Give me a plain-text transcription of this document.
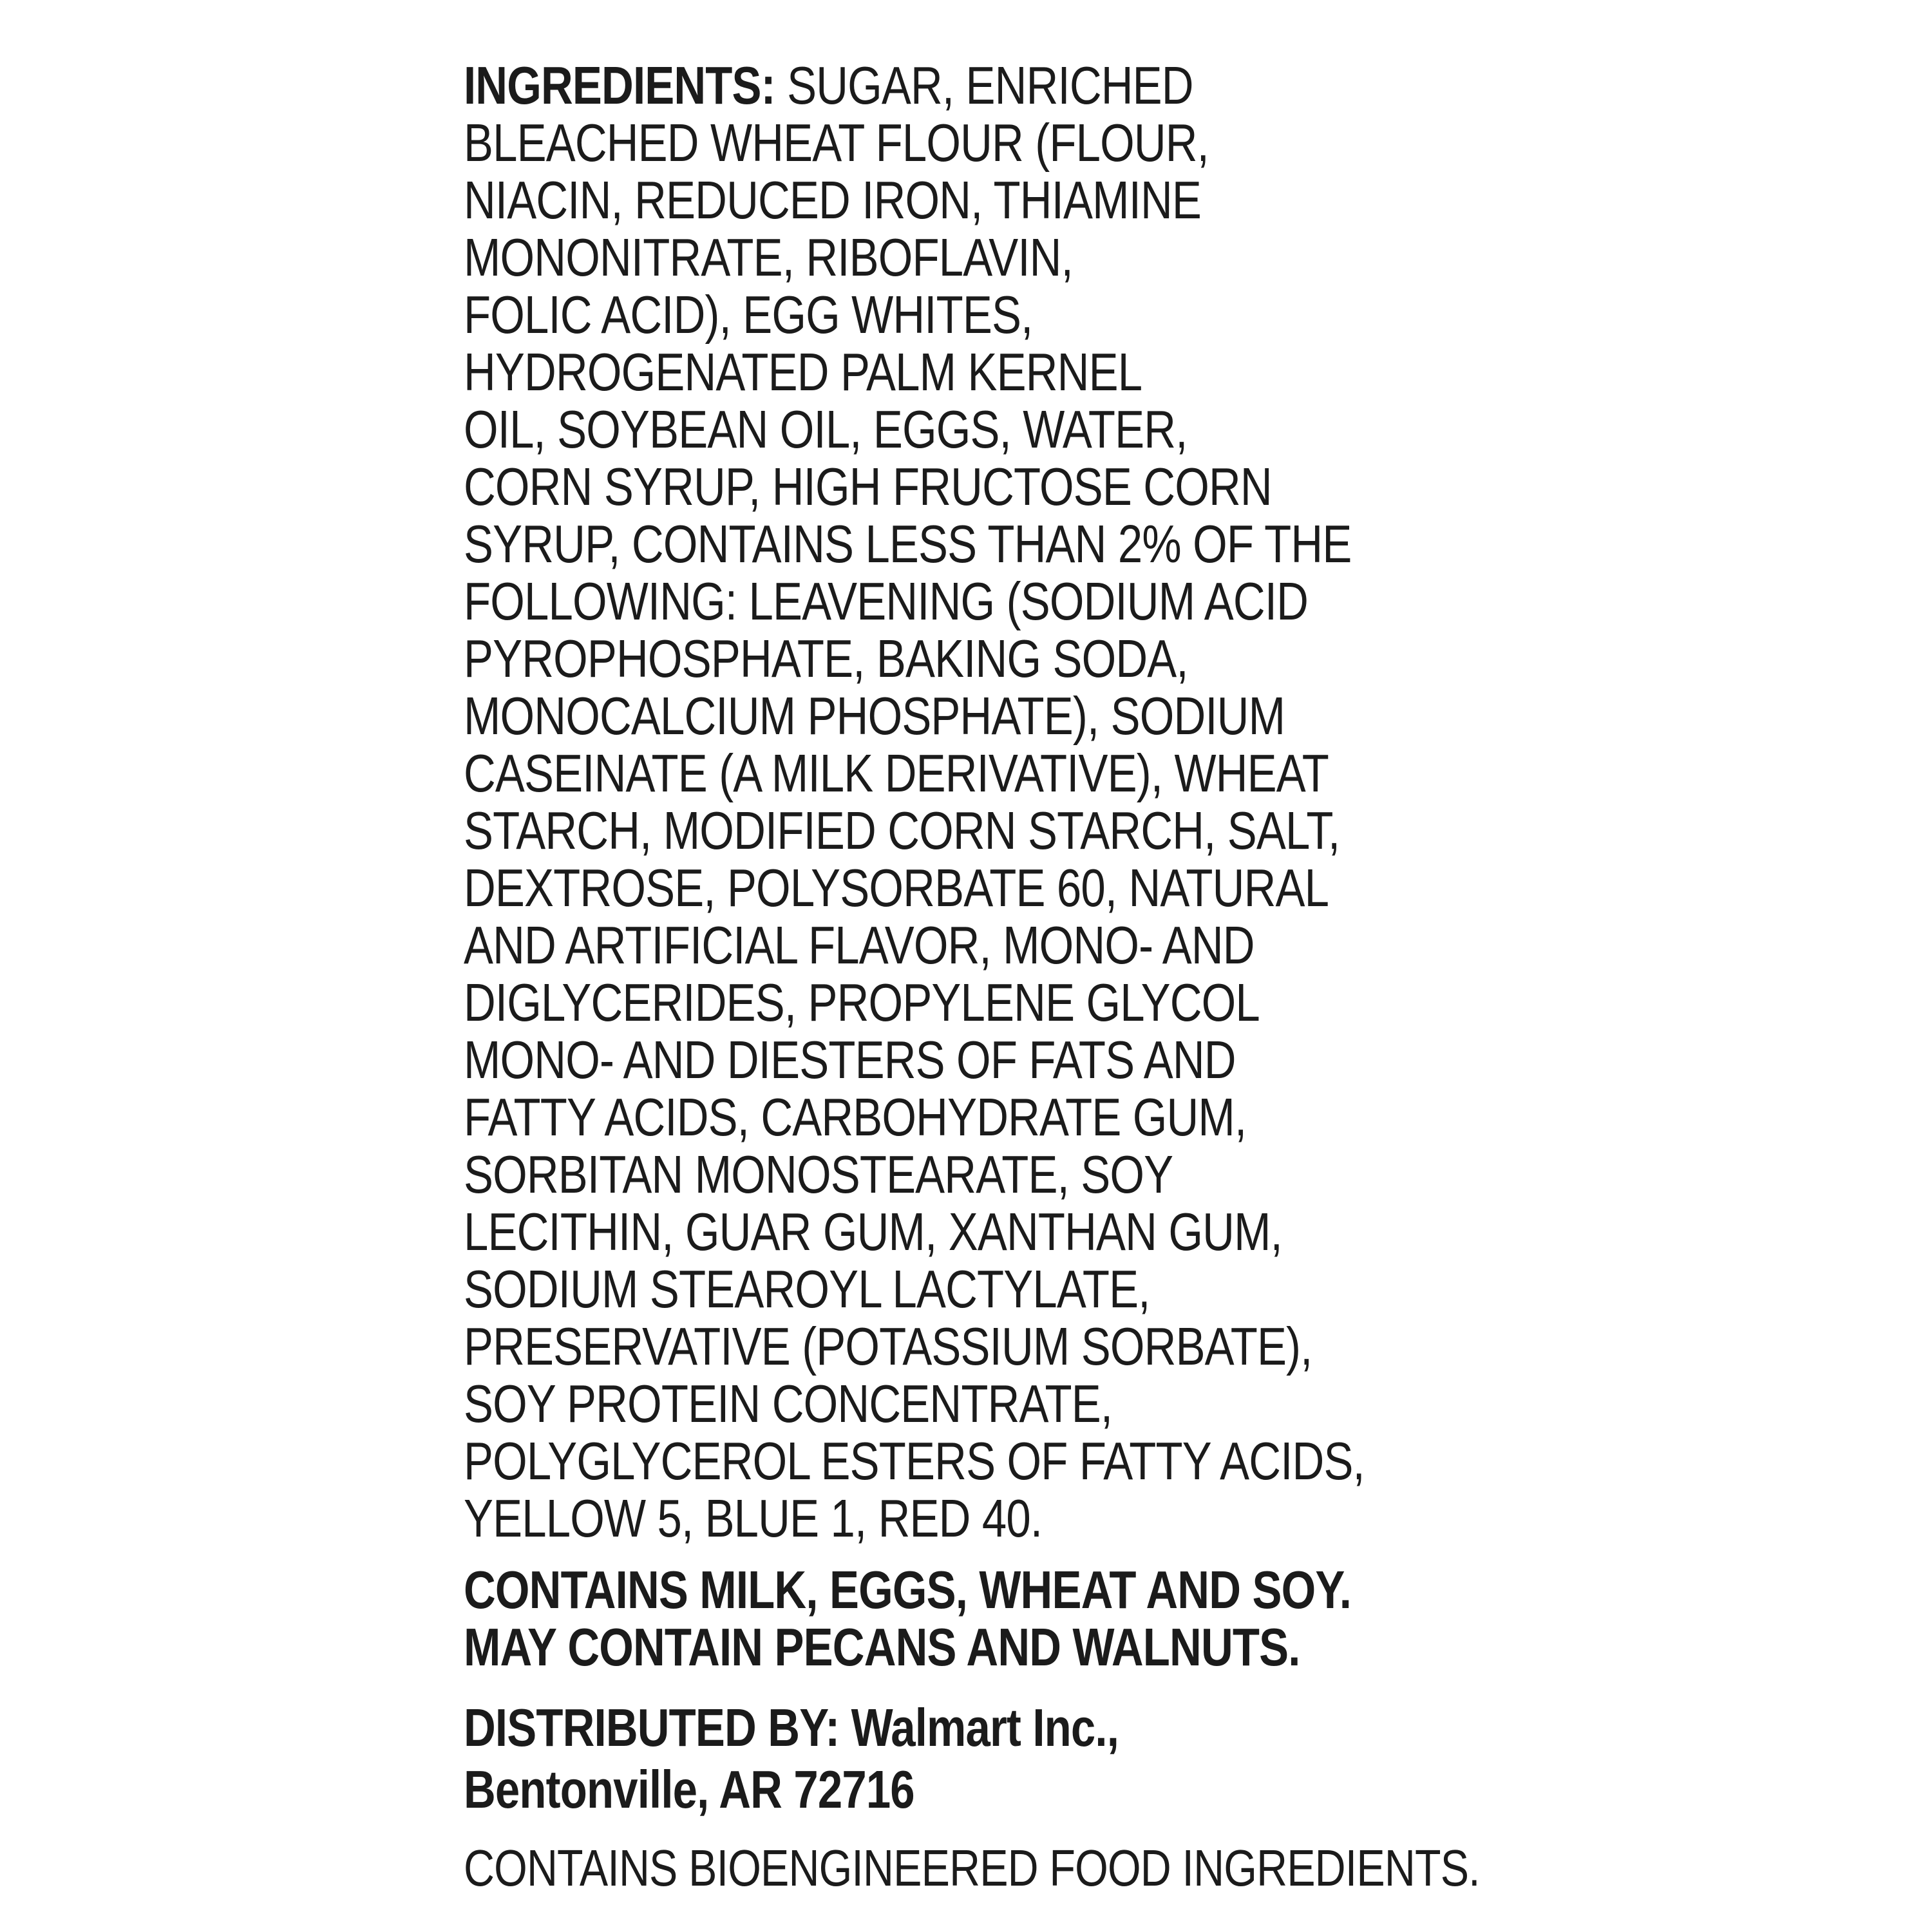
INGREDIENTS: SUGAR, ENRICHED
BLEACHED WHEAT FLOUR (FLOUR,
NIACIN, REDUCED IRON, THIAMINE
MONONITRATE, RIBOFLAVIN,
FOLIC ACID), EGG WHITES,
HYDROGENATED PALM KERNEL
OIL, SOYBEAN OIL, EGGS, WATER,
CORN SYRUP, HIGH FRUCTOSE CORN
SYRUP, CONTAINS LESS THAN 2% OF THE
FOLLOWING: LEAVENING (SODIUM ACID
PYROPHOSPHATE, BAKING SODA,
MONOCALCIUM PHOSPHATE), SODIUM
CASEINATE (A MILK DERIVATIVE), WHEAT
STARCH, MODIFIED CORN STARCH, SALT,
DEXTROSE, POLYSORBATE 60, NATURAL
AND ARTIFICIAL FLAVOR, MONO- AND
DIGLYCERIDES, PROPYLENE GLYCOL
MONO- AND DIESTERS OF FATS AND
FATTY ACIDS, CARBOHYDRATE GUM,
SORBITAN MONOSTEARATE, SOY
LECITHIN, GUAR GUM, XANTHAN GUM,
SODIUM STEAROYL LACTYLATE,
PRESERVATIVE (POTASSIUM SORBATE),
SOY PROTEIN CONCENTRATE,
POLYGLYCEROL ESTERS OF FATTY ACIDS,
YELLOW 5, BLUE 1, RED 40.
CONTAINS MILK, EGGS, WHEAT AND SOY.
MAY CONTAIN PECANS AND WALNUTS.
DISTRIBUTED BY: Walmart Inc.,
Bentonville, AR 72716
CONTAINS BIOENGINEERED FOOD INGREDIENTS.
